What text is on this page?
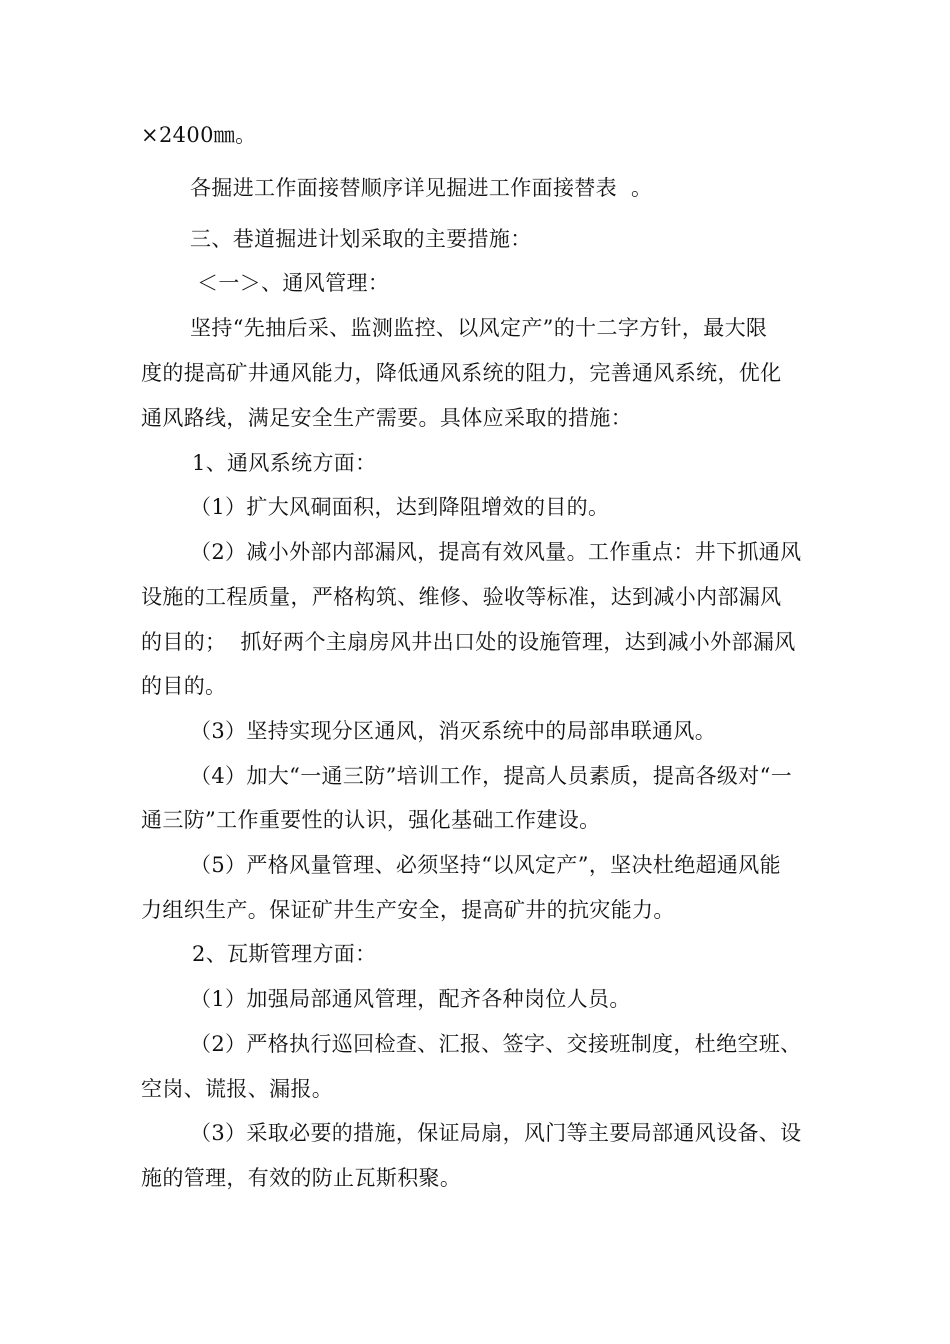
×2400㎜。
各掘进工作面接替顺序详见掘进工作面接替表  。
三、巷道掘进计划采取的主要措施：
＜一＞、通风管理：
坚持“先抽后采、监测监控、以风定产”的十二字方针，最大限
度的提高矿井通风能力，降低通风系统的阻力，完善通风系统，优化
通风路线，满足安全生产需要。具体应采取的措施：
1、通风系统方面：
（1）扩大风硐面积，达到降阻增效的目的。
（2）减小外部内部漏风，提高有效风量。工作重点：井下抓通风
设施的工程质量，严格构筑、维修、验收等标准，达到减小内部漏风
的目的；  抓好两个主扇房风井出口处的设施管理，达到减小外部漏风
的目的。
（3）坚持实现分区通风，消灭系统中的局部串联通风。
（4）加大“一通三防”培训工作，提高人员素质，提高各级对“一
通三防”工作重要性的认识，强化基础工作建设。
（5）严格风量管理、必须坚持“以风定产”，坚决杜绝超通风能
力组织生产。保证矿井生产安全，提高矿井的抗灾能力。
2、瓦斯管理方面：
（1）加强局部通风管理，配齐各种岗位人员。
（2）严格执行巡回检查、汇报、签字、交接班制度，杜绝空班、
空岗、谎报、漏报。
（3）采取必要的措施，保证局扇，风门等主要局部通风设备、设
施的管理，有效的防止瓦斯积聚。
